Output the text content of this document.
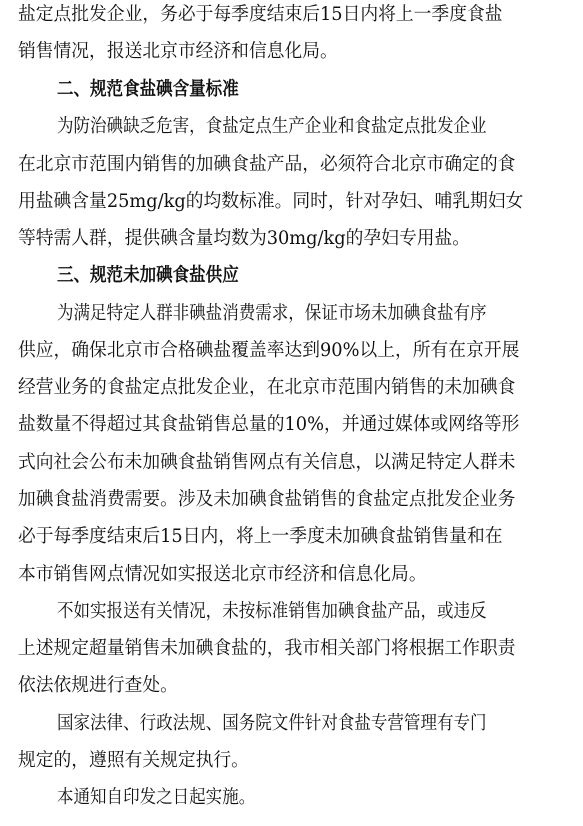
盐定点批发企业，务必于每季度结束后15日内将上一季度食盐
销售情况，报送北京市经济和信息化局。
二、规范食盐碘含量标准
为防治碘缺乏危害，食盐定点生产企业和食盐定点批发企业
在北京市范围内销售的加碘食盐产品，必须符合北京市确定的食
用盐碘含量25mg/kg的均数标准。同时，针对孕妇、哺乳期妇女
等特需人群，提供碘含量均数为30mg/kg的孕妇专用盐。
三、规范未加碘食盐供应
为满足特定人群非碘盐消费需求，保证市场未加碘食盐有序
供应，确保北京市合格碘盐覆盖率达到90%以上，所有在京开展
经营业务的食盐定点批发企业，在北京市范围内销售的未加碘食
盐数量不得超过其食盐销售总量的10%，并通过媒体或网络等形
式向社会公布未加碘食盐销售网点有关信息，以满足特定人群未
加碘食盐消费需要。涉及未加碘食盐销售的食盐定点批发企业务
必于每季度结束后15日内，将上一季度未加碘食盐销售量和在
本市销售网点情况如实报送北京市经济和信息化局。
不如实报送有关情况，未按标准销售加碘食盐产品，或违反
上述规定超量销售未加碘食盐的，我市相关部门将根据工作职责
依法依规进行查处。
国家法律、行政法规、国务院文件针对食盐专营管理有专门
规定的，遵照有关规定执行。
本通知自印发之日起实施。
